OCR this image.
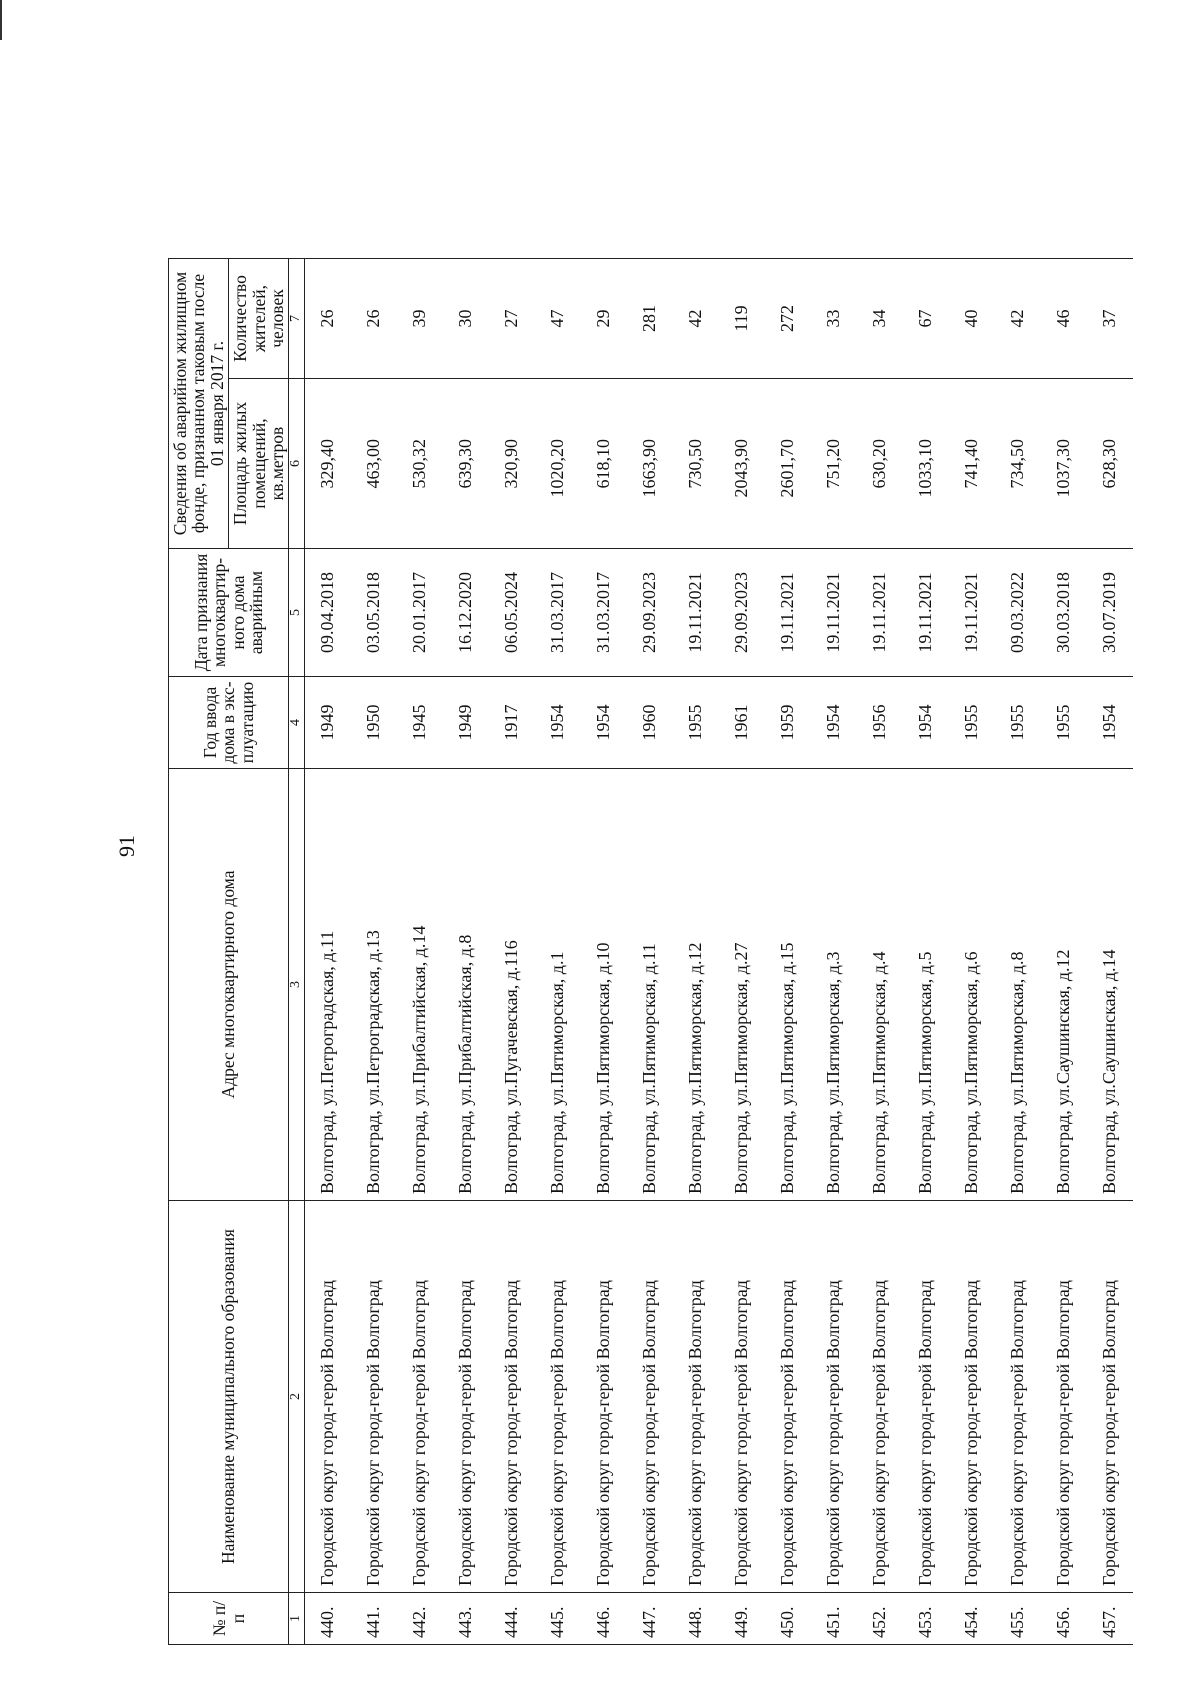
91
№ п/п	Наименование муниципального образования	Адрес многоквартирного дома	Год ввода дома в экс-плуатацию	Дата признания многоквартир-ного дома аварийным	Сведения об аварийном жилищном фонде, признанном таковым после 01 января 2017 г.	
					Площадь жилых помещений, кв.метров	Количество жителей, человек
1	2	3	4	5	6	7
440.	Городской округ город-герой Волгоград	Волгоград, ул.Петроградская, д.11	1949	09.04.2018	329,40	26
441.	Городской округ город-герой Волгоград	Волгоград, ул.Петроградская, д.13	1950	03.05.2018	463,00	26
442.	Городской округ город-герой Волгоград	Волгоград, ул.Прибалтийская, д.14	1945	20.01.2017	530,32	39
443.	Городской округ город-герой Волгоград	Волгоград, ул.Прибалтийская, д.8	1949	16.12.2020	639,30	30
444.	Городской округ город-герой Волгоград	Волгоград, ул.Пугачевская, д.116	1917	06.05.2024	320,90	27
445.	Городской округ город-герой Волгоград	Волгоград, ул.Пятиморская, д.1	1954	31.03.2017	1020,20	47
446.	Городской округ город-герой Волгоград	Волгоград, ул.Пятиморская, д.10	1954	31.03.2017	618,10	29
447.	Городской округ город-герой Волгоград	Волгоград, ул.Пятиморская, д.11	1960	29.09.2023	1663,90	281
448.	Городской округ город-герой Волгоград	Волгоград, ул.Пятиморская, д.12	1955	19.11.2021	730,50	42
449.	Городской округ город-герой Волгоград	Волгоград, ул.Пятиморская, д.27	1961	29.09.2023	2043,90	119
450.	Городской округ город-герой Волгоград	Волгоград, ул.Пятиморская, д.15	1959	19.11.2021	2601,70	272
451.	Городской округ город-герой Волгоград	Волгоград, ул.Пятиморская, д.3	1954	19.11.2021	751,20	33
452.	Городской округ город-герой Волгоград	Волгоград, ул.Пятиморская, д.4	1956	19.11.2021	630,20	34
453.	Городской округ город-герой Волгоград	Волгоград, ул.Пятиморская, д.5	1954	19.11.2021	1033,10	67
454.	Городской округ город-герой Волгоград	Волгоград, ул.Пятиморская, д.6	1955	19.11.2021	741,40	40
455.	Городской округ город-герой Волгоград	Волгоград, ул.Пятиморская, д.8	1955	09.03.2022	734,50	42
456.	Городской округ город-герой Волгоград	Волгоград, ул.Саушинская, д.12	1955	30.03.2018	1037,30	46
457.	Городской округ город-герой Волгоград	Волгоград, ул.Саушинская, д.14	1954	30.07.2019	628,30	37
